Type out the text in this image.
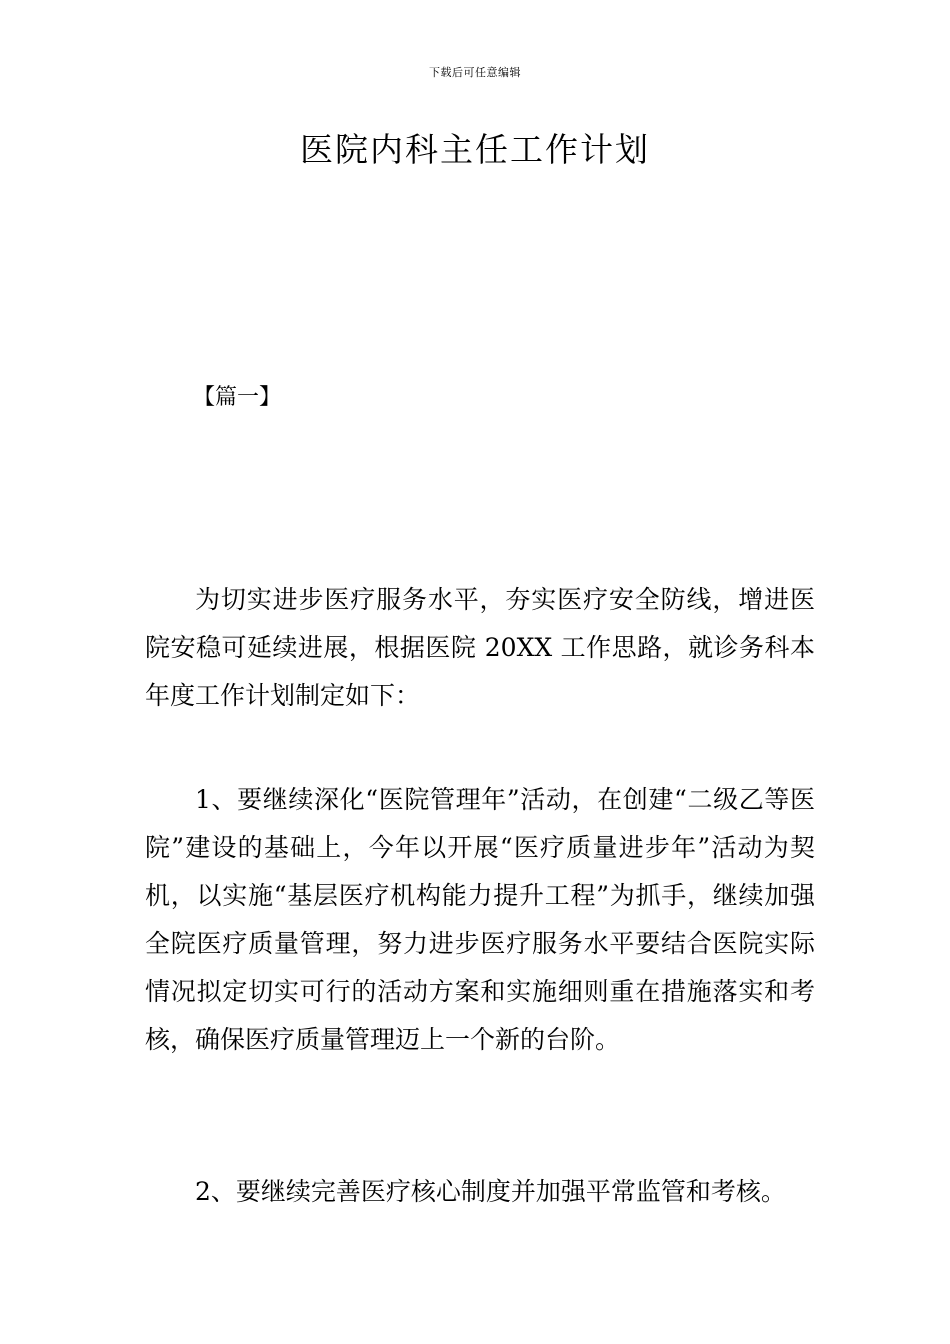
下载后可任意编辑
医院内科主任工作计划
【篇一】

为切实进步医疗服务水平，夯实医疗安全防线，增进医院安稳可延续进展，根据医院 20XX 工作思路，就诊务科本年度工作计划制定如下：

1、要继续深化“医院管理年”活动，在创建“二级乙等医院”建设的基础上，今年以开展“医疗质量进步年”活动为契机，以实施“基层医疗机构能力提升工程”为抓手，继续加强全院医疗质量管理，努力进步医疗服务水平要结合医院实际情况拟定切实可行的活动方案和实施细则重在措施落实和考核，确保医疗质量管理迈上一个新的台阶。

2、要继续完善医疗核心制度并加强平常监管和考核。
